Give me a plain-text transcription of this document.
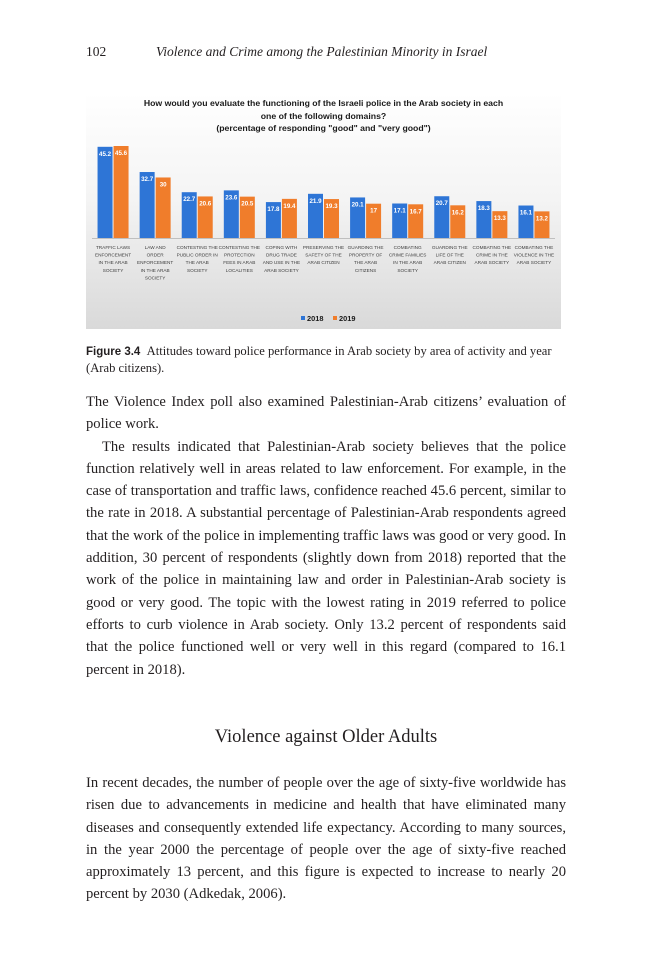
102	Violence and Crime among the Palestinian Minority in Israel
45.2 45.6
TRAFFIC LAWS
ENFORCEMENT
IN THE ARAB
SOCIETY
32.7
30
LAW AND
ORDER
ENFORCEMENT
IN THE ARAB
SOCIETY
22.7
20.6
CONTESTING THE
PUBLIC ORDER IN
THE ARAB
SOCIETY
23.6
20.5
CONTESTING THE
PROTECTION
FEES IN ARAB
LOCALITIES
17.8 19.4
COPING WITH
DRUG TRADE
AND USE IN THE
ARAB SOCIETY
21.9
19.3
PRESERVING THE
SAFETY OF THE
ARAB CITIZEN
20.1
17
GUARDING THE
PROPERTY OF
THE ARAB
CITIZENS
17.1 16.7
COMBATING
CRIME FAMILIES
IN THE ARAB
SOCIETY
20.7
16.2
GUARDING THE
LIFE OF THE
ARAB CITIZEN
18.3
13.3
COMBATING THE
CRIME IN THE
ARAB SOCIETY
16.1
13.2
COMBATING THE
VIOLENCE IN THE
ARAB SOCIETY
2018 2019
How would you evaluate the functioning of the Israeli police in the Arab society in each
one of the following domains?
(percentage of responding "good" and "very good")
Figure 3.4 Attitudes toward police performance in Arab society by area of activity and year (Arab citizens).

The Violence Index poll also examined Palestinian-Arab citizens’ evaluation of police work.

The results indicated that Palestinian-Arab society believes that the police function relatively well in areas related to law enforcement. For example, in the case of transportation and traffic laws, confidence reached 45.6 percent, similar to the rate in 2018. A substantial percentage of Palestinian-Arab respondents agreed that the work of the police in implementing traffic laws was good or very good. In addition, 30 percent of respondents (slightly down from 2018) reported that the work of the police in maintaining law and order in Palestinian-Arab society is good or very good. The topic with the lowest rating in 2019 referred to police efforts to curb violence in Arab society. Only 13.2 percent of respondents said that the police functioned well or very well in this regard (compared to 16.1 percent in 2018).

Violence against Older Adults

In recent decades, the number of people over the age of sixty-five worldwide has risen due to advancements in medicine and health that have eliminated many diseases and consequently extended life expectancy. According to many sources, in the year 2000 the percentage of people over the age of sixty-five reached approximately 13 percent, and this figure is expected to increase to nearly 20 percent by 2030 (Adkedak, 2006).
